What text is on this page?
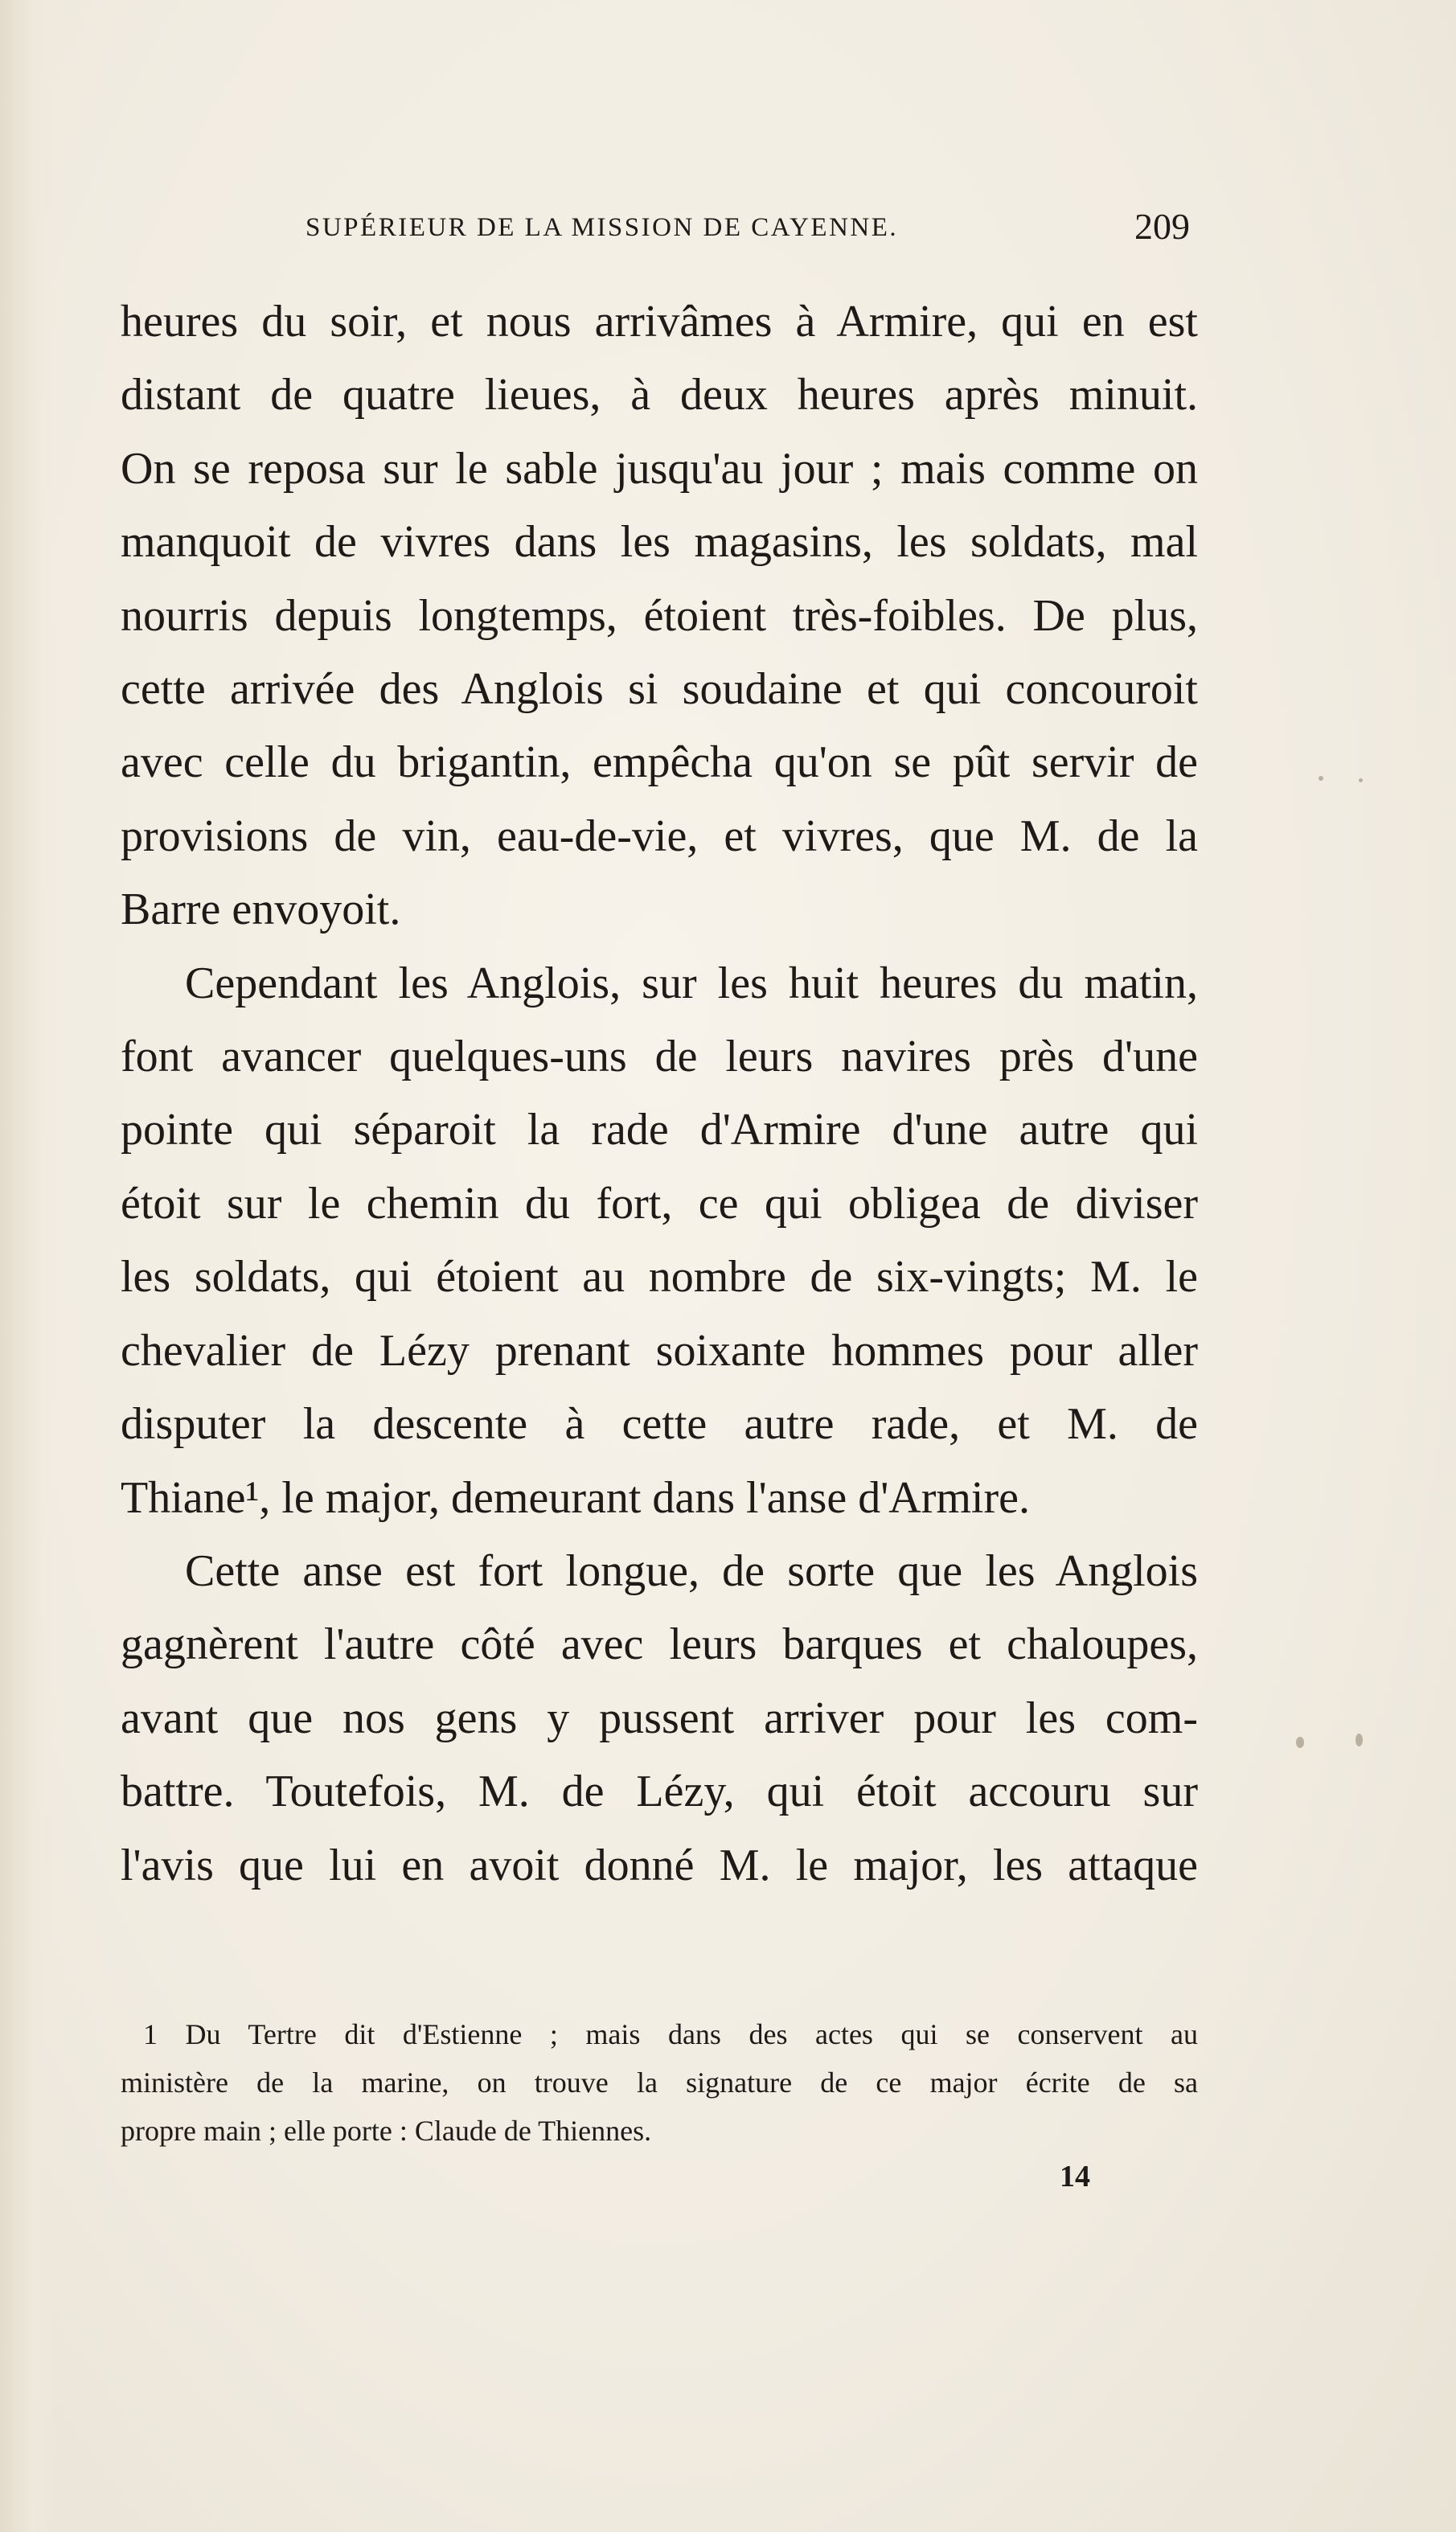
SUPÉRIEUR DE LA MISSION DE CAYENNE.	209
heures du soir, et nous arrivâmes à Armire, qui en est
distant de quatre lieues, à deux heures après minuit.
On se reposa sur le sable jusqu'au jour ; mais comme on
manquoit de vivres dans les magasins, les soldats, mal
nourris depuis longtemps, étoient très-foibles. De plus,
cette arrivée des Anglois si soudaine et qui concouroit
avec celle du brigantin, empêcha qu'on se pût servir de
provisions de vin, eau-de-vie, et vivres, que M. de la
Barre envoyoit.
Cependant les Anglois, sur les huit heures du matin,
font avancer quelques-uns de leurs navires près d'une
pointe qui séparoit la rade d'Armire d'une autre qui
étoit sur le chemin du fort, ce qui obligea de diviser
les soldats, qui étoient au nombre de six-vingts; M. le
chevalier de Lézy prenant soixante hommes pour aller
disputer la descente à cette autre rade, et M. de
Thiane¹, le major, demeurant dans l'anse d'Armire.
Cette anse est fort longue, de sorte que les Anglois
gagnèrent l'autre côté avec leurs barques et chaloupes,
avant que nos gens y pussent arriver pour les com-
battre. Toutefois, M. de Lézy, qui étoit accouru sur
l'avis que lui en avoit donné M. le major, les attaque
1 Du Tertre dit d'Estienne ; mais dans des actes qui se conservent au
ministère de la marine, on trouve la signature de ce major écrite de sa
propre main ; elle porte : Claude de Thiennes.
14
